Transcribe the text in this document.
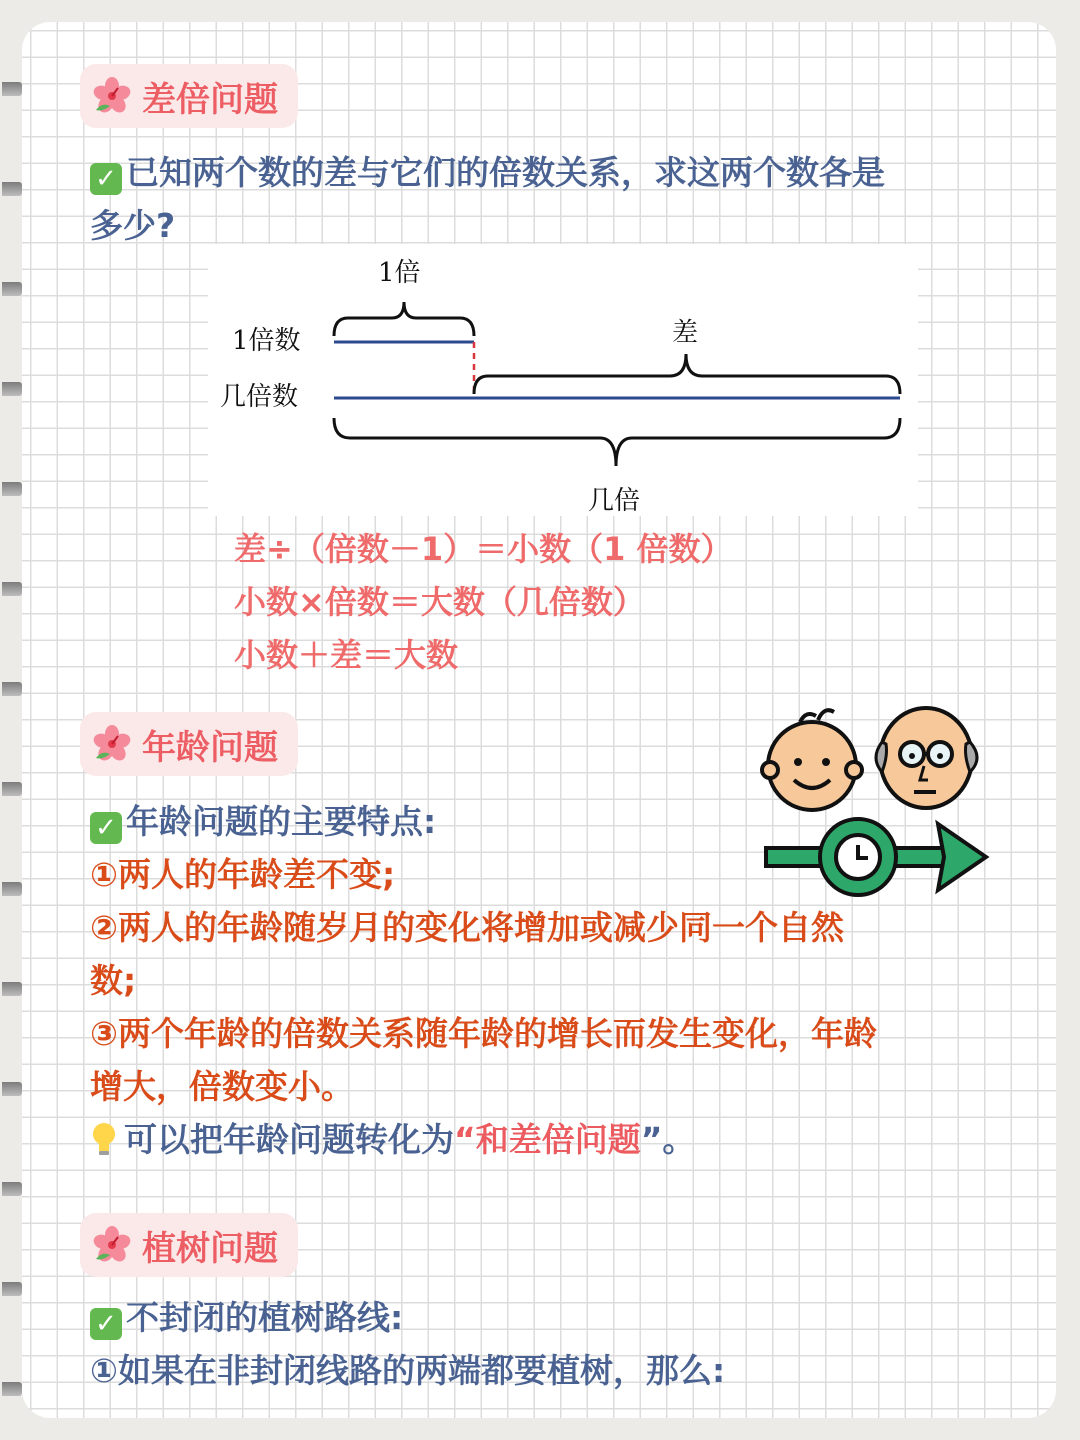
差倍问题
✓ 已知两个数的差与它们的倍数关系，求这两个数各是
多少?
1倍
1倍数
几倍数
差
几倍
差÷（倍数－1）＝小数（1 倍数）
小数×倍数＝大数（几倍数）
小数＋差＝大数
年龄问题
✓ 年龄问题的主要特点:
①两人的年龄差不变;
②两人的年龄随岁月的变化将增加或减少同一个自然
数;
③两个年龄的倍数关系随年龄的增长而发生变化，年龄
增大，倍数变小。
可以把年龄问题转化为“和差倍问题”。
植树问题
✓ 不封闭的植树路线:
①如果在非封闭线路的两端都要植树，那么:
